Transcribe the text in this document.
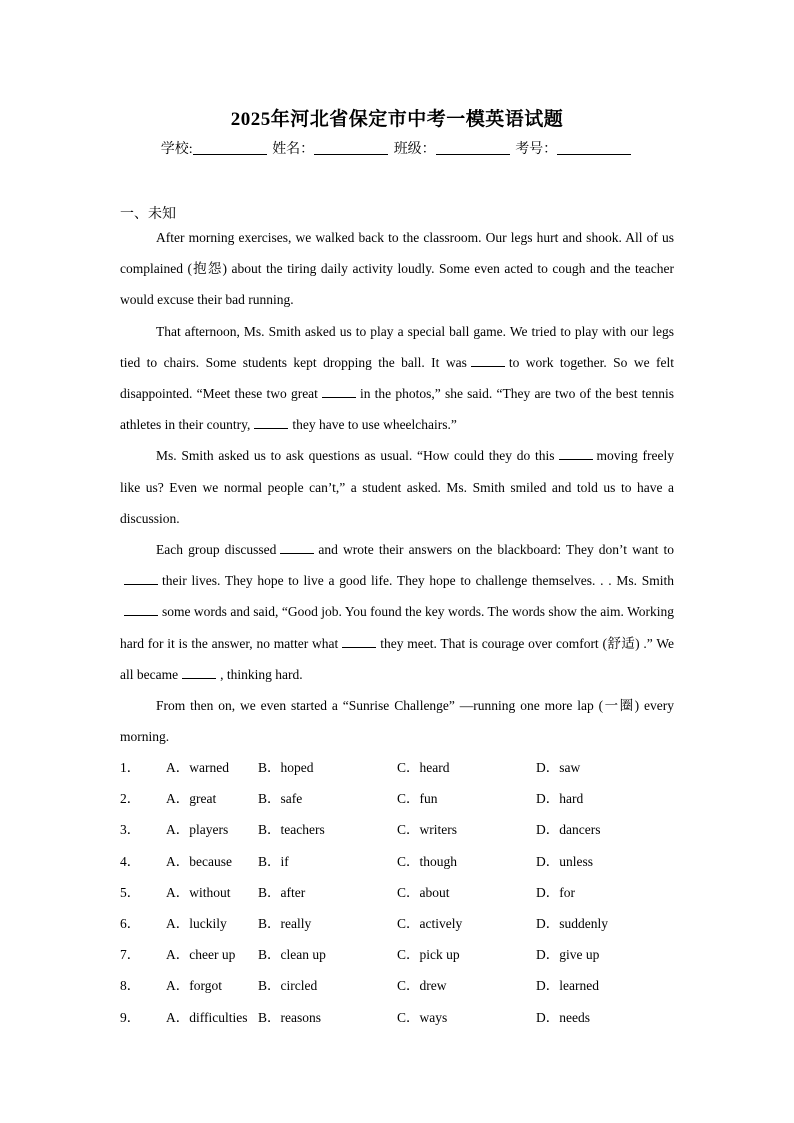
2025年河北省保定市中考一模英语试题
学校:	姓名：	班级：	考号：
一、未知

After morning exercises, we walked back to the classroom. Our legs hurt and shook. All of us complained (抱怨) about the tiring daily activity loudly. Some even acted to cough and the teacher would excuse their bad running.

That afternoon, Ms. Smith asked us to play a special ball game. We tried to play with our legs tied to chairs. Some students kept dropping the ball. It was	to work together. So we felt disappointed. “Meet these two great	in the photos,” she said. “They are two of the best tennis athletes in their country,	they have to use wheelchairs.”

Ms. Smith asked us to ask questions as usual. “How could they do this	moving freely like us? Even we normal people can’t,” a student asked. Ms. Smith smiled and told us to have a discussion.

Each group discussed	and wrote their answers on the blackboard: They don’t want totheir lives. They hope to live a good life. They hope to challenge themselves. . . Ms. Smithsome words and said, “Good job. You found the key words. The words show the aim. Working hard for it is the answer, no matter what	they meet. That is courage over comfort (舒适) .” We all became	, thinking hard.

From then on, we even started a “Sunrise Challenge” —running one more lap (一圈) every morning.

1． A．warned B．hoped	C．heard	D．saw
2． A．great	B．safe	C．fun	D．hard
3． A．players B．teachers	C．writers	D．dancers
4． A．because B．if	C．though	D．unless
5． A．without B．after	C．about	D．for
6． A．luckily B．really	C．actively	D．suddenly
7． A．cheer up B．clean up	C．pick up	D．give up
8． A．forgot	B．circled	C．drew	D．learned
9． A．difficulties B．reasons	C．ways	D．needs
